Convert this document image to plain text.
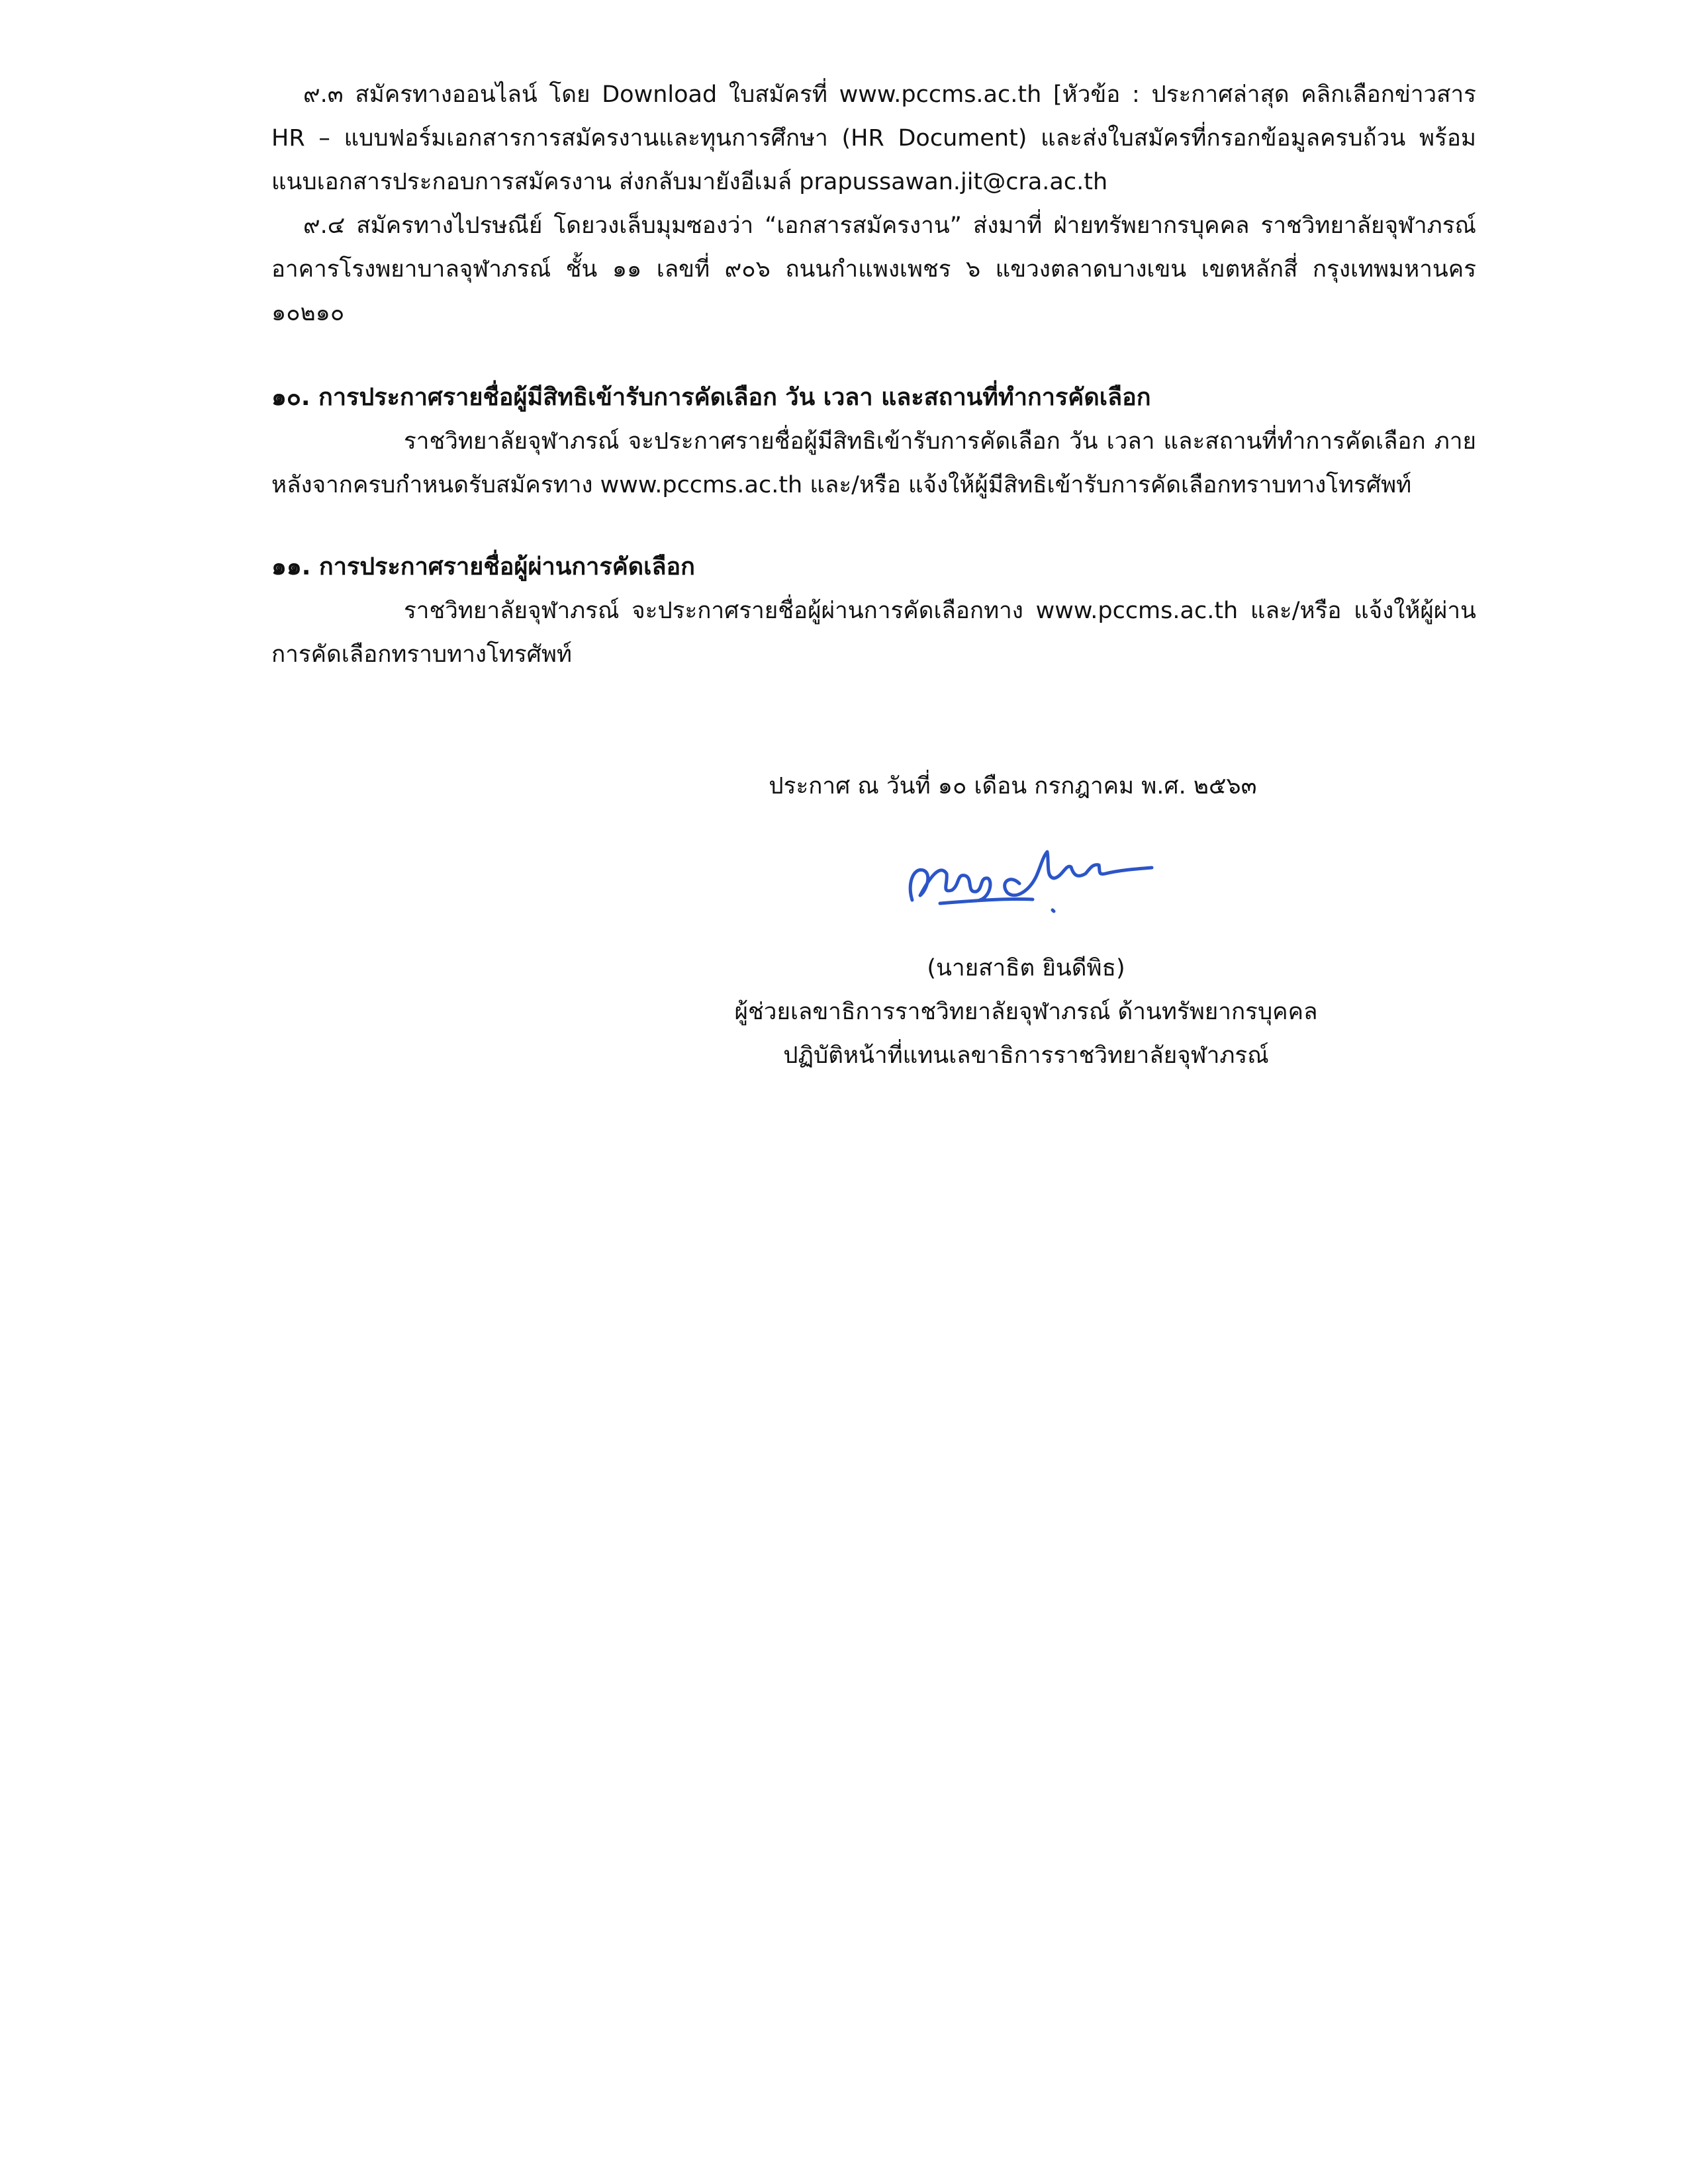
๙.๓ สมัครทางออนไลน์ โดย Download ใบสมัครที่ www.pccms.ac.th [หัวข้อ : ประกาศล่าสุด คลิกเลือกข่าวสาร HR – แบบฟอร์มเอกสารการสมัครงานและทุนการศึกษา (HR Document) และส่งใบสมัครที่กรอกข้อมูลครบถ้วน พร้อมแนบเอกสารประกอบการสมัครงาน ส่งกลับมายังอีเมล์ prapussawan.jit@cra.ac.th

๙.๔ สมัครทางไปรษณีย์ โดยวงเล็บมุมซองว่า “เอกสารสมัครงาน” ส่งมาที่ ฝ่ายทรัพยากรบุคคล ราชวิทยาลัยจุฬาภรณ์ อาคารโรงพยาบาลจุฬาภรณ์ ชั้น ๑๑ เลขที่ ๙๐๖ ถนนกำแพงเพชร ๖ แขวงตลาดบางเขน เขตหลักสี่ กรุงเทพมหานคร ๑๐๒๑๐

๑๐. การประกาศรายชื่อผู้มีสิทธิเข้ารับการคัดเลือก วัน เวลา และสถานที่ทำการคัดเลือก

ราชวิทยาลัยจุฬาภรณ์ จะประกาศรายชื่อผู้มีสิทธิเข้ารับการคัดเลือก วัน เวลา และสถานที่ทำการคัดเลือก ภายหลังจากครบกำหนดรับสมัครทาง www.pccms.ac.th และ/หรือ แจ้งให้ผู้มีสิทธิเข้ารับการคัดเลือกทราบทางโทรศัพท์

๑๑. การประกาศรายชื่อผู้ผ่านการคัดเลือก

ราชวิทยาลัยจุฬาภรณ์ จะประกาศรายชื่อผู้ผ่านการคัดเลือกทาง www.pccms.ac.th และ/หรือ แจ้งให้ผู้ผ่านการคัดเลือกทราบทางโทรศัพท์

ประกาศ ณ วันที่ ๑๐ เดือน กรกฎาคม พ.ศ. ๒๕๖๓
(นายสาธิต ยินดีพิธ)
ผู้ช่วยเลขาธิการราชวิทยาลัยจุฬาภรณ์ ด้านทรัพยากรบุคคล
ปฏิบัติหน้าที่แทนเลขาธิการราชวิทยาลัยจุฬาภรณ์
